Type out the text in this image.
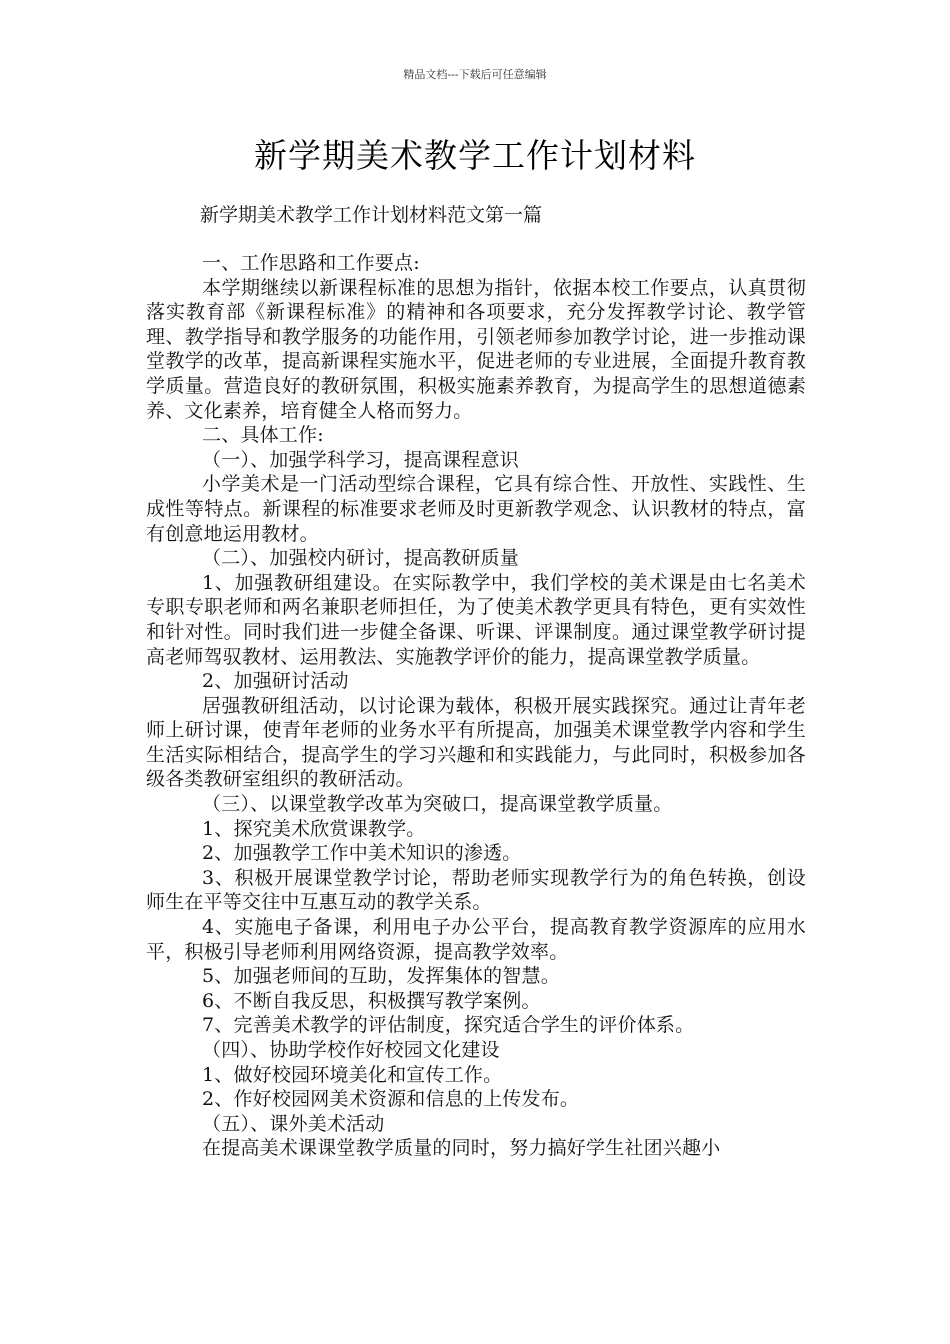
精品文档---下载后可任意编辑
新学期美术教学工作计划材料
新学期美术教学工作计划材料范文第一篇

一、工作思路和工作要点:

本学期继续以新课程标准的思想为指针，依据本校工作要点，认真贯彻落实教育部《新课程标准》的精神和各项要求，充分发挥教学讨论、教学管理、教学指导和教学服务的功能作用，引领老师参加教学讨论，进一步推动课堂教学的改革，提高新课程实施水平，促进老师的专业进展，全面提升教育教学质量。营造良好的教研氛围，积极实施素养教育，为提高学生的思想道德素养、文化素养，培育健全人格而努力。

二、具体工作:

（一）、加强学科学习，提高课程意识

小学美术是一门活动型综合课程，它具有综合性、开放性、实践性、生成性等特点。新课程的标准要求老师及时更新教学观念、认识教材的特点，富有创意地运用教材。

（二）、加强校内研讨，提高教研质量

1、加强教研组建设。在实际教学中，我们学校的美术课是由七名美术专职专职老师和两名兼职老师担任，为了使美术教学更具有特色，更有实效性和针对性。同时我们进一步健全备课、听课、评课制度。通过课堂教学研讨提高老师驾驭教材、运用教法、实施教学评价的能力，提高课堂教学质量。

2、加强研讨活动

居强教研组活动，以讨论课为载体，积极开展实践探究。通过让青年老师上研讨课，使青年老师的业务水平有所提高，加强美术课堂教学内容和学生生活实际相结合，提高学生的学习兴趣和和实践能力，与此同时，积极参加各级各类教研室组织的教研活动。

（三）、以课堂教学改革为突破口，提高课堂教学质量。

1、探究美术欣赏课教学。

2、加强教学工作中美术知识的渗透。

3、积极开展课堂教学讨论，帮助老师实现教学行为的角色转换，创设师生在平等交往中互惠互动的教学关系。

4、实施电子备课，利用电子办公平台，提高教育教学资源库的应用水平，积极引导老师利用网络资源，提高教学效率。

5、加强老师间的互助，发挥集体的智慧。

6、不断自我反思，积极撰写教学案例。

7、完善美术教学的评估制度，探究适合学生的评价体系。

（四）、协助学校作好校园文化建设

1、做好校园环境美化和宣传工作。

2、作好校园网美术资源和信息的上传发布。

（五）、课外美术活动

在提高美术课课堂教学质量的同时，努力搞好学生社团兴趣小
